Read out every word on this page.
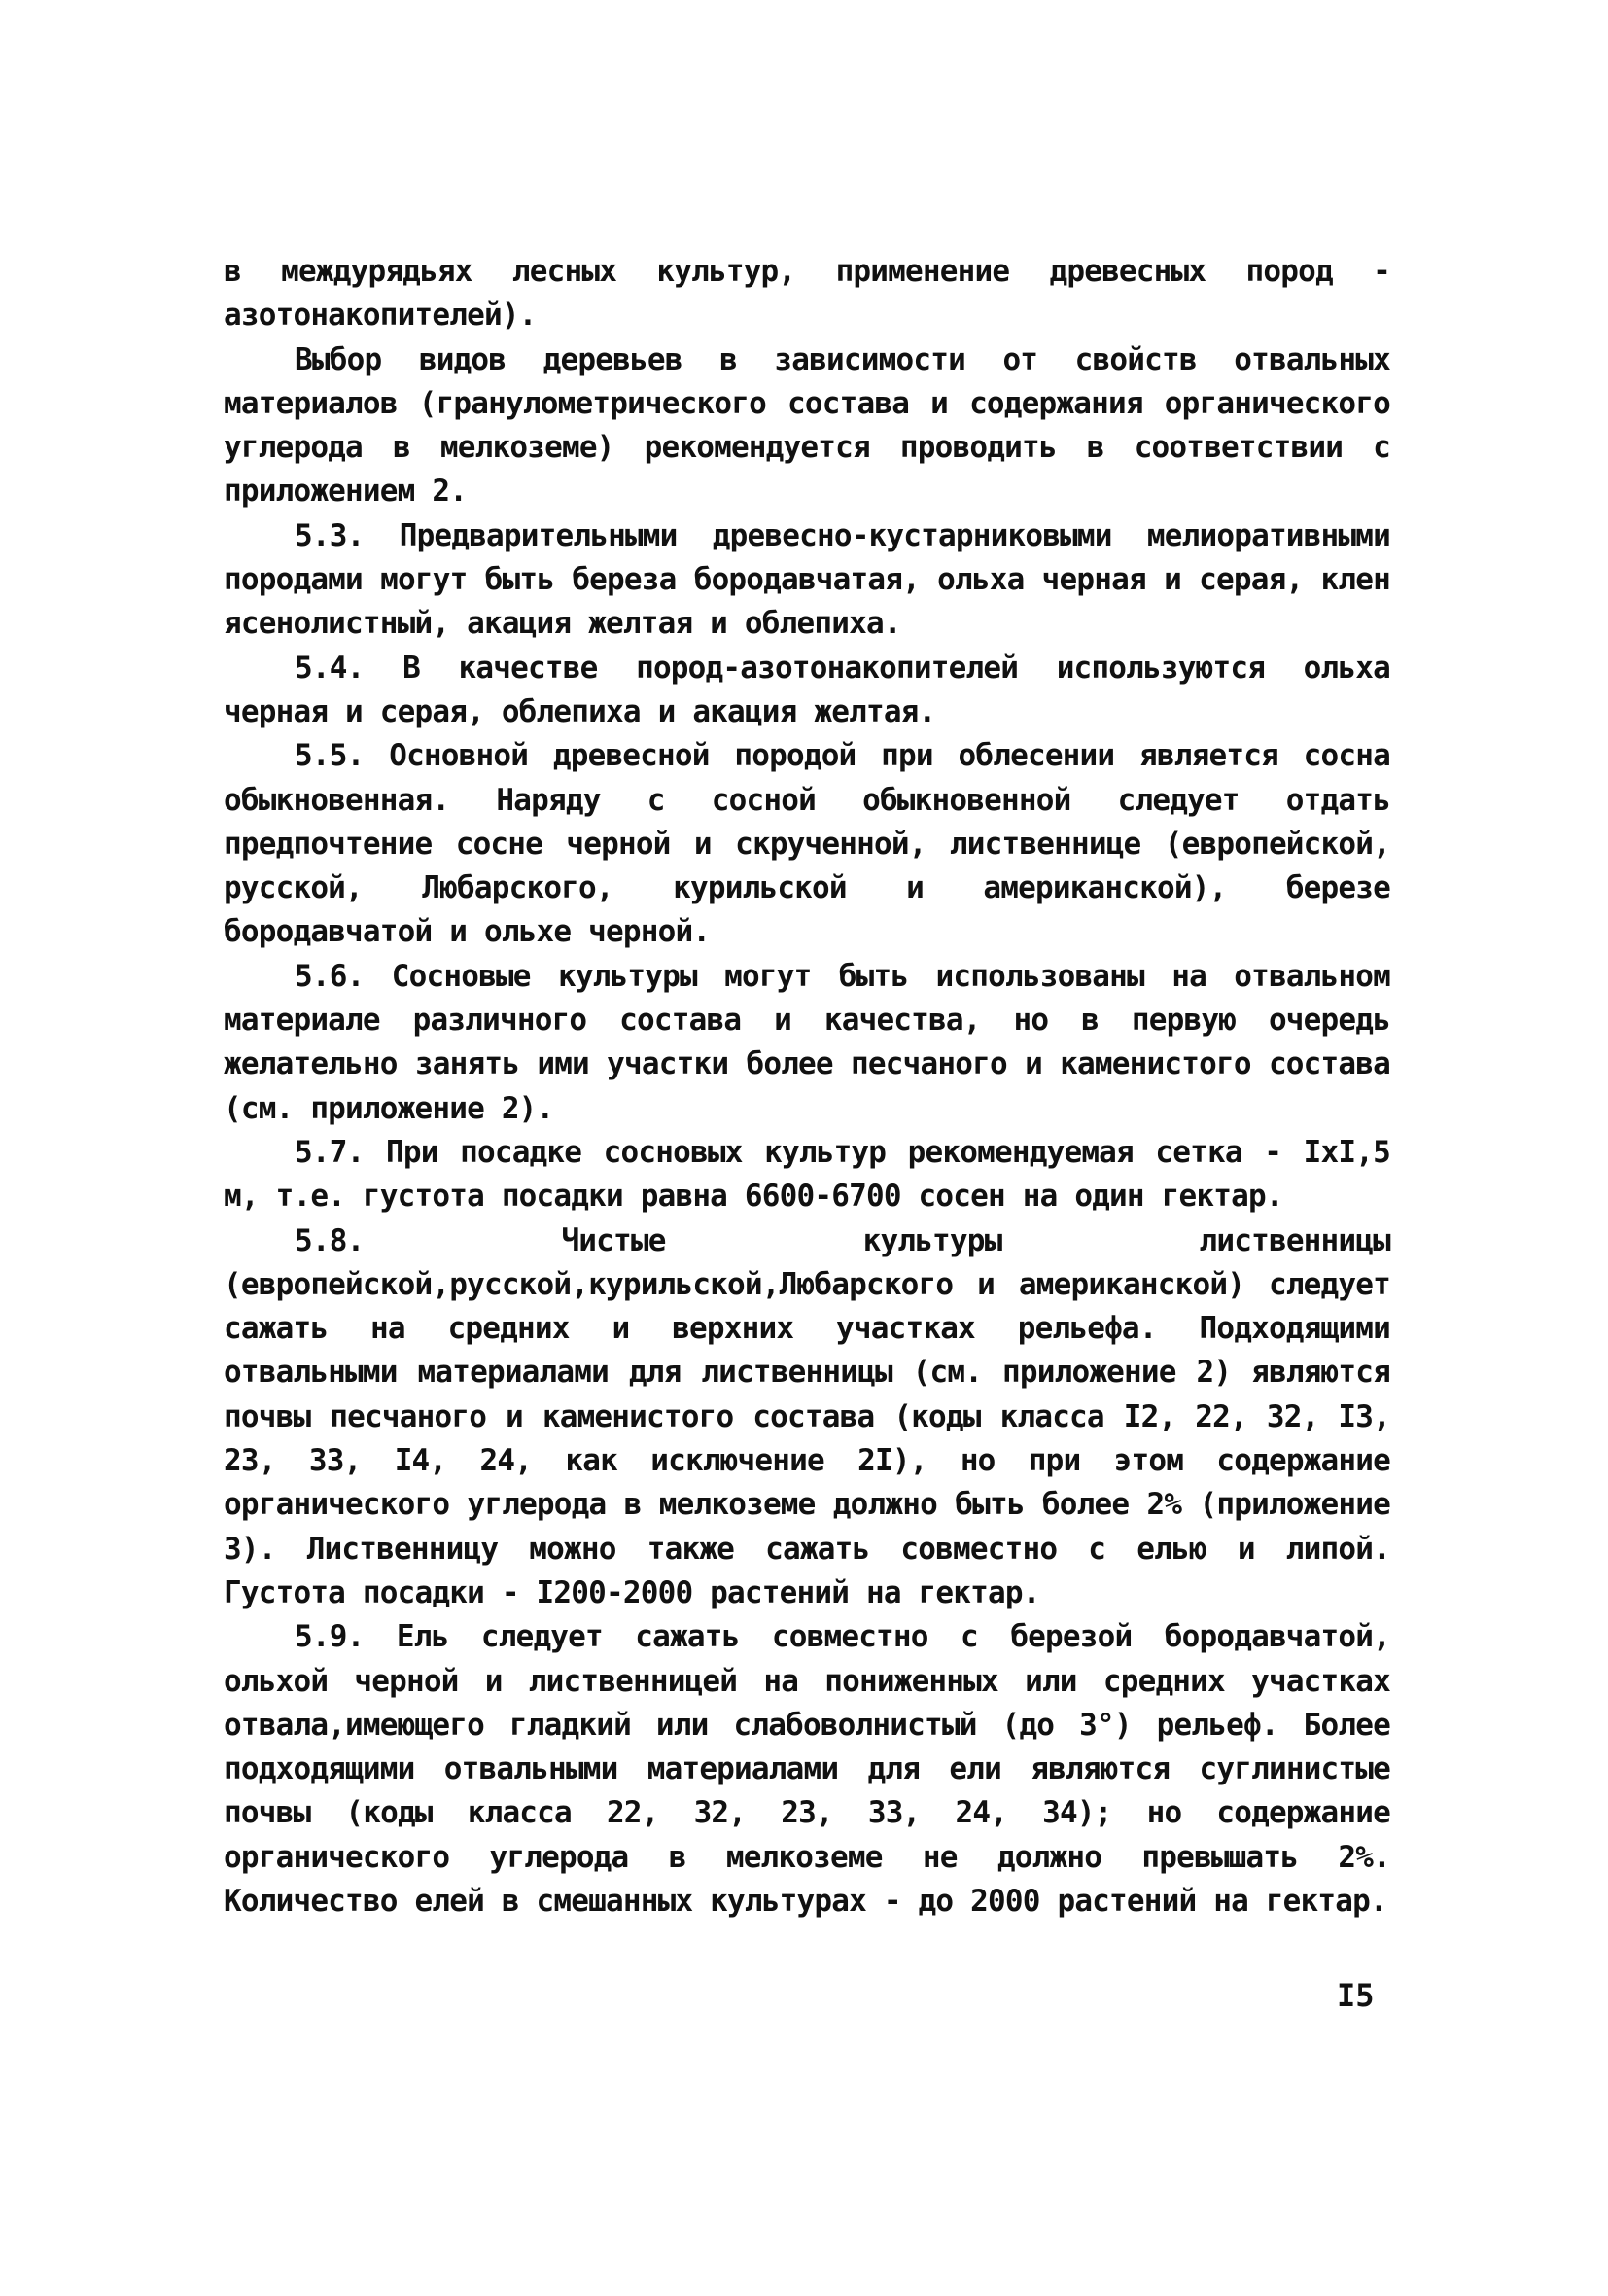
в междурядьях лесных культур, применение древесных пород - азотонакопителей).

Выбор видов деревьев в зависимости от свойств отвальных материалов (гранулометрического состава и содержания органического углерода в мелкоземе) рекомендуется проводить в соответствии с приложением 2.

5.3. Предварительными древесно-кустарниковыми мелиоративными породами могут быть береза бородавчатая, ольха черная и серая, клен ясенолистный, акация желтая и облепиха.

5.4. В качестве пород-азотонакопителей используются ольха черная и серая, облепиха и акация желтая.

5.5. Основной древесной породой при облесении является сосна обыкновенная. Наряду с сосной обыкновенной следует отдать предпочтение сосне черной и скрученной, лиственнице (европейской, русской, Любарского, курильской и американской), березе бородавчатой и ольхе черной.

5.6. Сосновые культуры могут быть использованы на отвальном материале различного состава и качества, но в первую очередь желательно занять ими участки более песчаного и каменистого состава (см. приложение 2).

5.7. При посадке сосновых культур рекомендуемая сетка - IxI,5 м, т.е. густота посадки равна 6600-6700 сосен на один гектар.

5.8. Чистые культуры лиственницы (европейской,русской,курильской,Любарского и американской) следует сажать на средних и верхних участках рельефа. Подходящими отвальными материалами для лиственницы (см. приложение 2) являются почвы песчаного и каменистого состава (коды класса I2, 22, 32, I3, 23, 33, I4, 24, как исключение 2I), но при этом содержание органического углерода в мелкоземе должно быть более 2% (приложение 3). Лиственницу можно также сажать совместно с елью и липой. Густота посадки - I200-2000 растений на гектар.

5.9. Ель следует сажать совместно с березой бородавчатой, ольхой черной и лиственницей на пониженных или средних участках отвала,имеющего гладкий или слабоволнистый (до 3°) рельеф. Более подходящими отвальными материалами для ели являются суглинистые почвы (коды класса 22, 32, 23, 33, 24, 34); но содержание органического углерода в мелкоземе не должно превышать 2%. Количество елей в смешанных культурах - до 2000 растений на гектар.

I5
